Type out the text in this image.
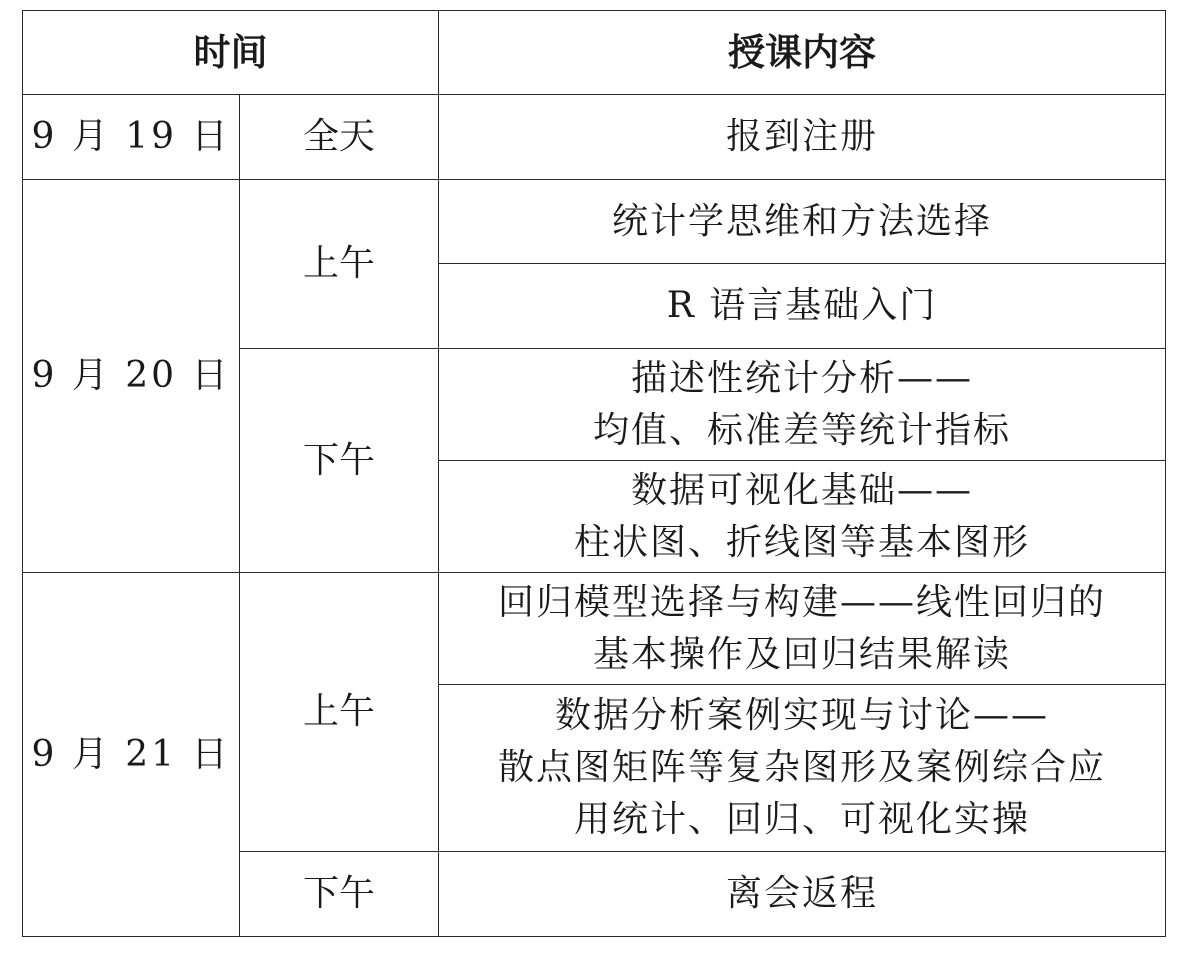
时间		授课内容
9 月 19 日	全天	报到注册

9 月 20 日	上午	统计学思维和方法选择

		R 语言基础入门

	下午	描述性统计分析——
均值、标准差等统计指标

		数据可视化基础——
柱状图、折线图等基本图形

9 月 21 日	上午	回归模型选择与构建——线性回归的
基本操作及回归结果解读

		数据分析案例实现与讨论——
散点图矩阵等复杂图形及案例综合应
用统计、回归、可视化实操

	下午	离会返程
